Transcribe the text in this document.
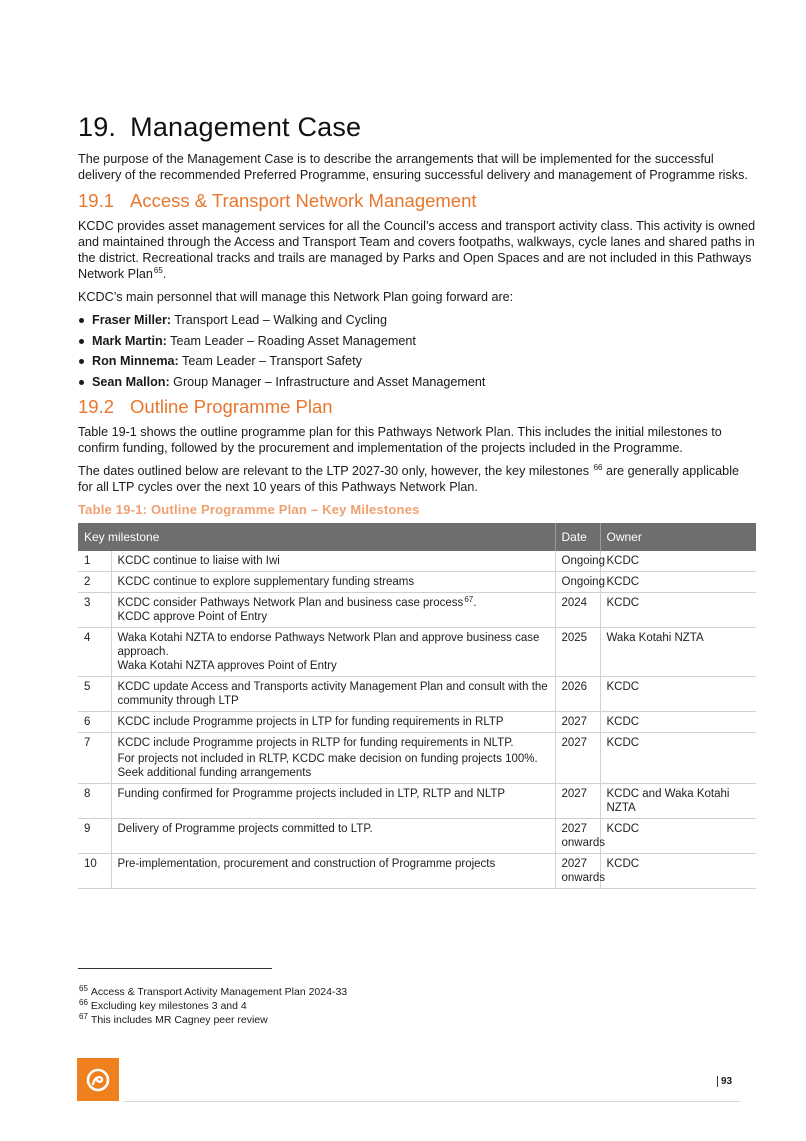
19. Management Case

The purpose of the Management Case is to describe the arrangements that will be implemented for the successful delivery of the recommended Preferred Programme, ensuring successful delivery and management of Programme risks.

19.1 Access & Transport Network Management

KCDC provides asset management services for all the Council’s access and transport activity class. This activity is owned and maintained through the Access and Transport Team and covers footpaths, walkways, cycle lanes and shared paths in the district. Recreational tracks and trails are managed by Parks and Open Spaces and are not included in this Pathways Network Plan$^{65}$.

KCDC’s main personnel that will manage this Network Plan going forward are:

Fraser Miller: Transport Lead – Walking and Cycling
Mark Martin: Team Leader – Roading Asset Management
Ron Minnema: Team Leader – Transport Safety
Sean Mallon: Group Manager – Infrastructure and Asset Management
19.2 Outline Programme Plan

Table 19-1 shows the outline programme plan for this Pathways Network Plan. This includes the initial milestones to confirm funding, followed by the procurement and implementation of the projects included in the Programme.

The dates outlined below are relevant to the LTP 2027-30 only, however, the key milestones $^{66}$ are generally applicable for all LTP cycles over the next 10 years of this Pathways Network Plan.

Table 19-1: Outline Programme Plan – Key Milestones
Key milestone		Date	Owner
1	KCDC continue to liaise with Iwi	Ongoing	KCDC
2	KCDC continue to explore supplementary funding streams	Ongoing	KCDC
3	KCDC consider Pathways Network Plan and business case process$^{67}$.
KCDC approve Point of Entry	2024	KCDC
4	Waka Kotahi NZTA to endorse Pathways Network Plan and approve business case approach.
Waka Kotahi NZTA approves Point of Entry	2025	Waka Kotahi NZTA
5	KCDC update Access and Transports activity Management Plan and consult with the community through LTP	2026	KCDC
6	KCDC include Programme projects in LTP for funding requirements in RLTP	2027	KCDC
7	KCDC include Programme projects in RLTP for funding requirements in NLTP.
For projects not included in RLTP, KCDC make decision on funding projects 100%. Seek additional funding arrangements	2027	KCDC
8	Funding confirmed for Programme projects included in LTP, RLTP and NLTP	2027	KCDC and Waka Kotahi NZTA
9	Delivery of Programme projects committed to LTP.	2027 onwards	KCDC
10	Pre-implementation, procurement and construction of Programme projects	2027 onwards	KCDC
$^{65}$ Access & Transport Activity Management Plan 2024-33
$^{66}$ Excluding key milestones 3 and 4
$^{67}$ This includes MR Cagney peer review
93
